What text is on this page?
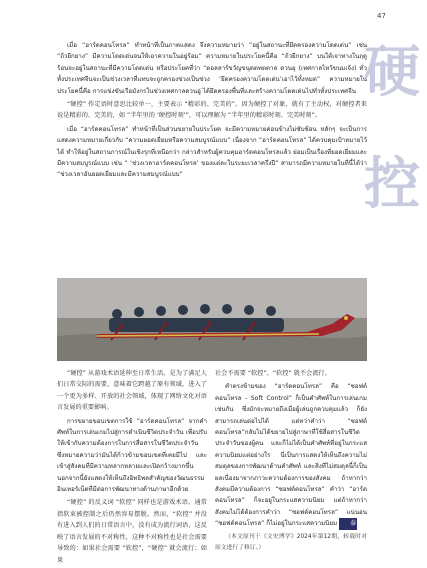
47
硬
控

เมื่อ “ฮาร์ดคอนโทรล” ทำหน้าที่เป็นภาคแสดง จึงความหมายว่า “อยู่ในสถานะที่ยึดครองความโดดเด่น” เช่น “ถ้วยีกยาง” มีความโดดเด่นจนให้เอาความในอยู่ร้อม” ความหมายในประโยคนี้คือ “ถ้วยีกยาง” บนใต้เจาทางในฤดูร้อนจะอยู่ในสถานะที่มีความโดดเด่น หรือประโยคที่ว่า “ดอลลาร์ขวัญขนุดตทตตาล ดวนอุ (เทศกาลไหว้ขนมเจ้ง) ทั่วทั้งประเทศจีนจะเป็นช่วงเวลาที่แทบจะถูกครองช่วงเป็นช่วง ‘ยึดครองความโดดเด่น’เอาไว้ทั้งหมด” ความหมายในประโยคนี้คือ การแข่งขันเรือมังกรในช่วงเทศกาลดวนอู่ ได้ยึดครองพื้นที่และสร้างความโดดเด่นไปทั่วทั้งประเทศจีน

“硬控” 作定语时意思比较单一，主要表示 “精彩的、完美的”。因为硬控了对象，就有了主动权，对硬控者来说是精彩的、完美的，如 “半年里的 ‘硬控时刻’”，可以理解为 “半年里的精彩时刻、完美时刻”。

เมื่อ “ฮาร์ดคอนโทรล” ทำหน้าที่เป็นส่วนขยายในประโยค จะมีความหมายค่อนข้างไม่ซับซ้อน หลักๆ จะเป็นการแสดงความหมายเกี่ยวกับ “ความยอดเยี่ยมหรือความสมบูรณ์แบบ” เนื่องจาก “ฮาร์ดคอนโทรล” ได้ควบคุมเป้าหมายไว้ได้ ทำให้อยู่ในสถานการณ์ในเชิงรุกที่เหนือกว่า กล่าวสำหรับผู้ควบคุมฮาร์ดคอนโทรลแล้ว ย่อมเป็นเรื่องที่ยอดเยี่ยมและมีความสมบูรณ์แบบ เช่น “ ‘ช่วงเวลาฮาร์ดคอนโทรล’ ของแต่ละในระยะเวลาครึ่งปี” สามารถมีความหมายในที่นี้ได้ว่า “ช่วงเวลาอันยอดเยี่ยมและมีความสมบูรณ์แบบ”

“硬控” 从游戏术语延伸至日常生活，是为了满足人们日常交际的需要，意味着它跨越了原有领域，进入了一个更为多样、开放的社会领域，体现了网络文化对语言发展的重要影响。

การขยายขอบเขตการใช้ “ฮาร์ดคอนโทรล” จากคำศัพท์ในการเล่นเกมไปสู่การดำเนินชีวิตประจำวัน เพื่อปรับให้เข้ากับความต้องการในการสื่อสารในชีวิตประจำวัน ซึ่งหมายความว่ามันได้ก้าวข้ามขอบเขตที่เคยมีไป และเข้าสู่สังคมที่มีความหลากหลายและเปิดกว้างมากขึ้น นอกจากนี้ยังแสดงให้เห็นถึงอิทธิพลสำคัญของวัฒนธรรมอินเทอร์เน็ตที่มีต่อการพัฒนาทางด้านภาษาอีกด้วย

“硬控” 的反义词 “软控” 同样也是游戏术语，通常指软束被控制之后仍然容易摆脱。然而，“软控” 并没有进入到人们的日常语言中，没有成为流行词语，这反映了语言发展的不对称性，这种不对称性也是社会需要导致的：如果社会需要 “软控”，“硬控” 就会流行；如果

社会不需要 “软控”，“软控” 就不会流行。

คำตรงข้ามของ “ฮาร์ดคอนโทรล” คือ “ซอฟต์คอนโทรล - Soft Control” ก็เป็นคำศัพท์ในการเล่นเกมเช่นกัน ซึ่งมักจะหมายถึงเมื่อผู้เล่นถูกควบคุมแล้ว ก็ยังสามารถเล่นต่อไปได้ แต่ทว่าคำว่า “ซอฟต์คอนโทรล”กลับไม่ได้ขยายไปสู่ภาษาที่ใช้สื่อสารในชีวิตประจำวันของผู้คน และก็ไม่ได้เป็นคำศัพท์ที่อยู่ในกระแสความนิยมแต่อย่างใร นี่เป็นการแสดงให้เห็นถึงความไม่สมดุลของการพัฒนาด้านคำศัพท์ และสิ่งที่ไม่สมดุลนี้ก็เป็นผลเนื่องมาจากภาวะความต้องการของสังคม ถ้าหากว่าสังคมมีความต้องการ “ซอฟต์คอนโทรล” คำว่า “ฮาร์ดคอนโทรล” ก็จะอยู่ในกระแสความนิยม แต่ถ้าหากว่าสังคมไม่ได้ต้องการคำว่า “ซอฟต์คอนโทรล” แน่นอน “ซอฟต์คอนโทรล” ก็ไม่อยู่ในกระแสความนิยม 泰

（本文原刊于《文史博学》2024年第12期，转载时对原文进行了修订。）
